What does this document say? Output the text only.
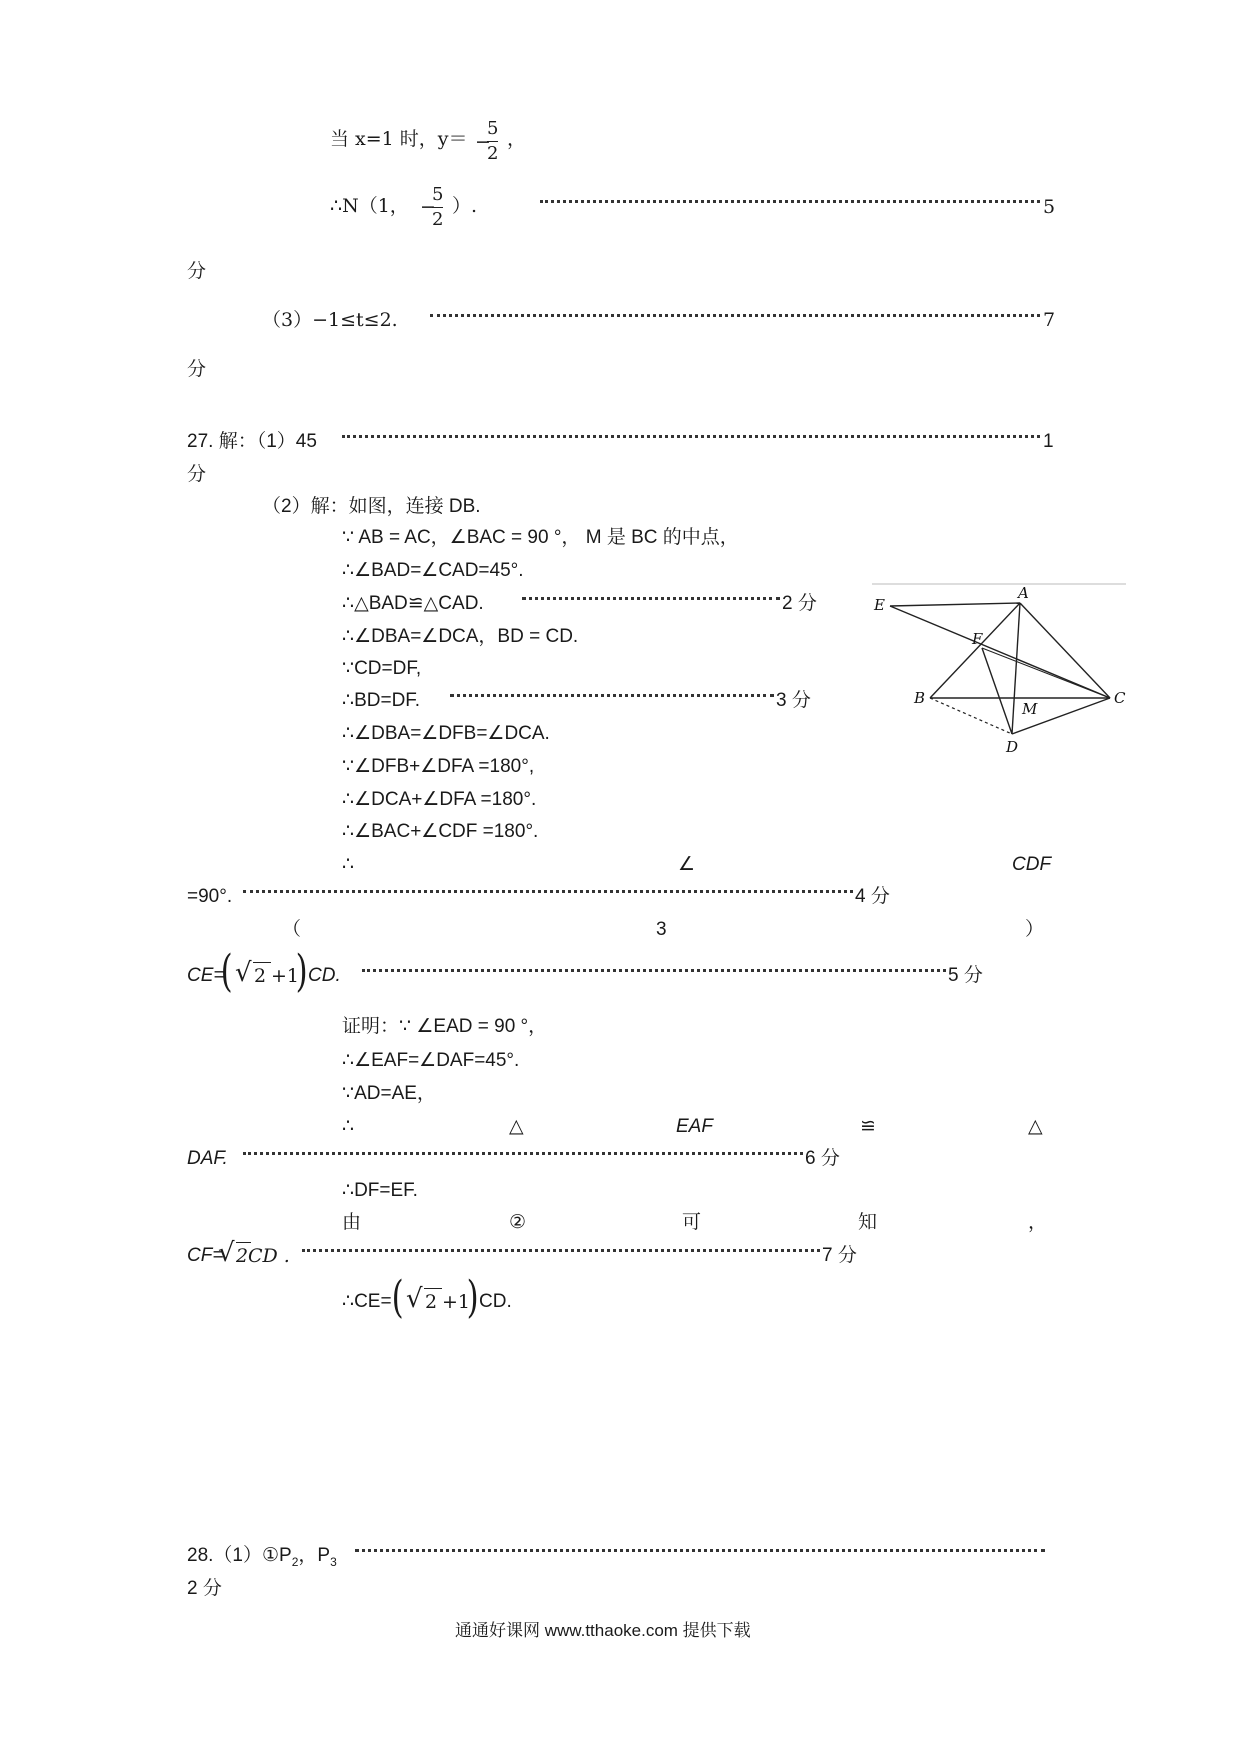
当 x=1 时，y＝ 5
2
− ，
∴N（1， −
5
2
）.	5
分
（3）−1≤t≤2.	7
分
27. 解：（1）45	1
分
（2）解：如图，连接 DB.
∵ AB = AC，∠BAC = 90 °， M 是 BC 的中点，
∴∠BAD=∠CAD=45°.
∴△BAD≌△CAD.	2 分
∴∠DBA=∠DCA，BD = CD.
∵CD=DF,
∴BD=DF.	3 分
∴∠DBA=∠DFB=∠DCA.
∵∠DFB+∠DFA =180°,
∴∠DCA+∠DFA =180°.
∴∠BAC+∠CDF =180°.
∴	∠	CDF
=90°.	4 分
（	3	）
CE=
( √ 2 +1
) CD.	5 分
证明：∵ ∠EAD = 90 °，
∴∠EAF=∠DAF=45°.
∵AD=AE，
∴	△	EAF	≌	△
DAF.	6 分
∴DF=EF.
由	②	可	知	，
CF=
√ 2 CD .	7 分
∴CE= ( √ 2 +1
) CD.
A
B	C
D
E
F
M
$28.(1)①P_2$，$P_3$
2 分
通通好课网 www.tthaoke.com 提供下载
